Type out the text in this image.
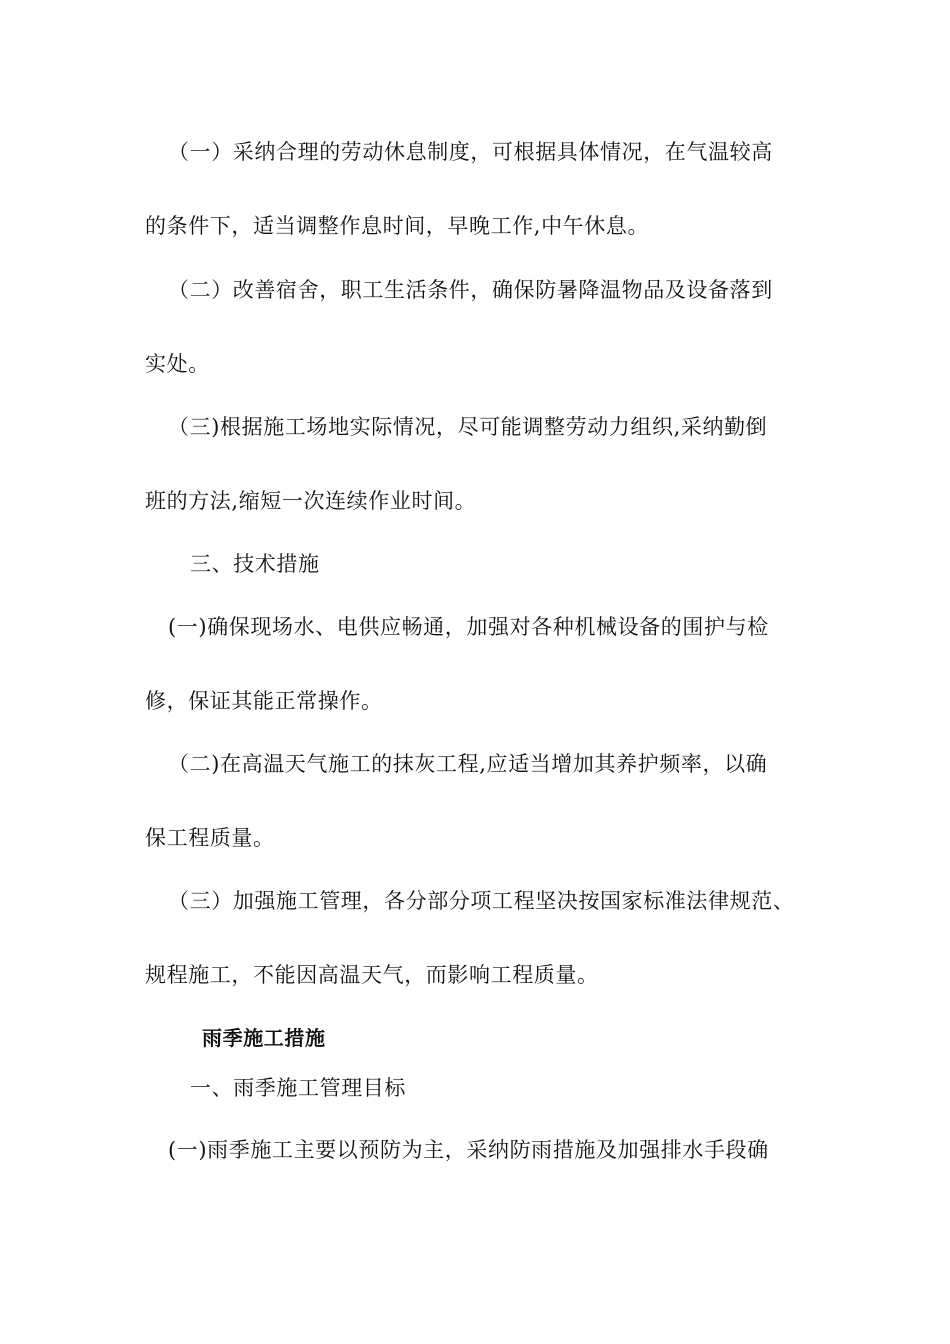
（一）采纳合理的劳动休息制度，可根据具体情况，在气温较高
的条件下，适当调整作息时间，早晚工作,中午休息。
（二）改善宿舍，职工生活条件，确保防暑降温物品及设备落到
实处。
（三)根据施工场地实际情况，尽可能调整劳动力组织,采纳勤倒
班的方法,缩短一次连续作业时间。
三、技术措施
(一)确保现场水、电供应畅通，加强对各种机械设备的围护与检
修，保证其能正常操作。
（二)在高温天气施工的抹灰工程,应适当增加其养护频率，以确
保工程质量。
（三）加强施工管理，各分部分项工程坚决按国家标准法律规范、
规程施工，不能因高温天气，而影响工程质量。
雨季施工措施
一、雨季施工管理目标
(一)雨季施工主要以预防为主，采纳防雨措施及加强排水手段确
